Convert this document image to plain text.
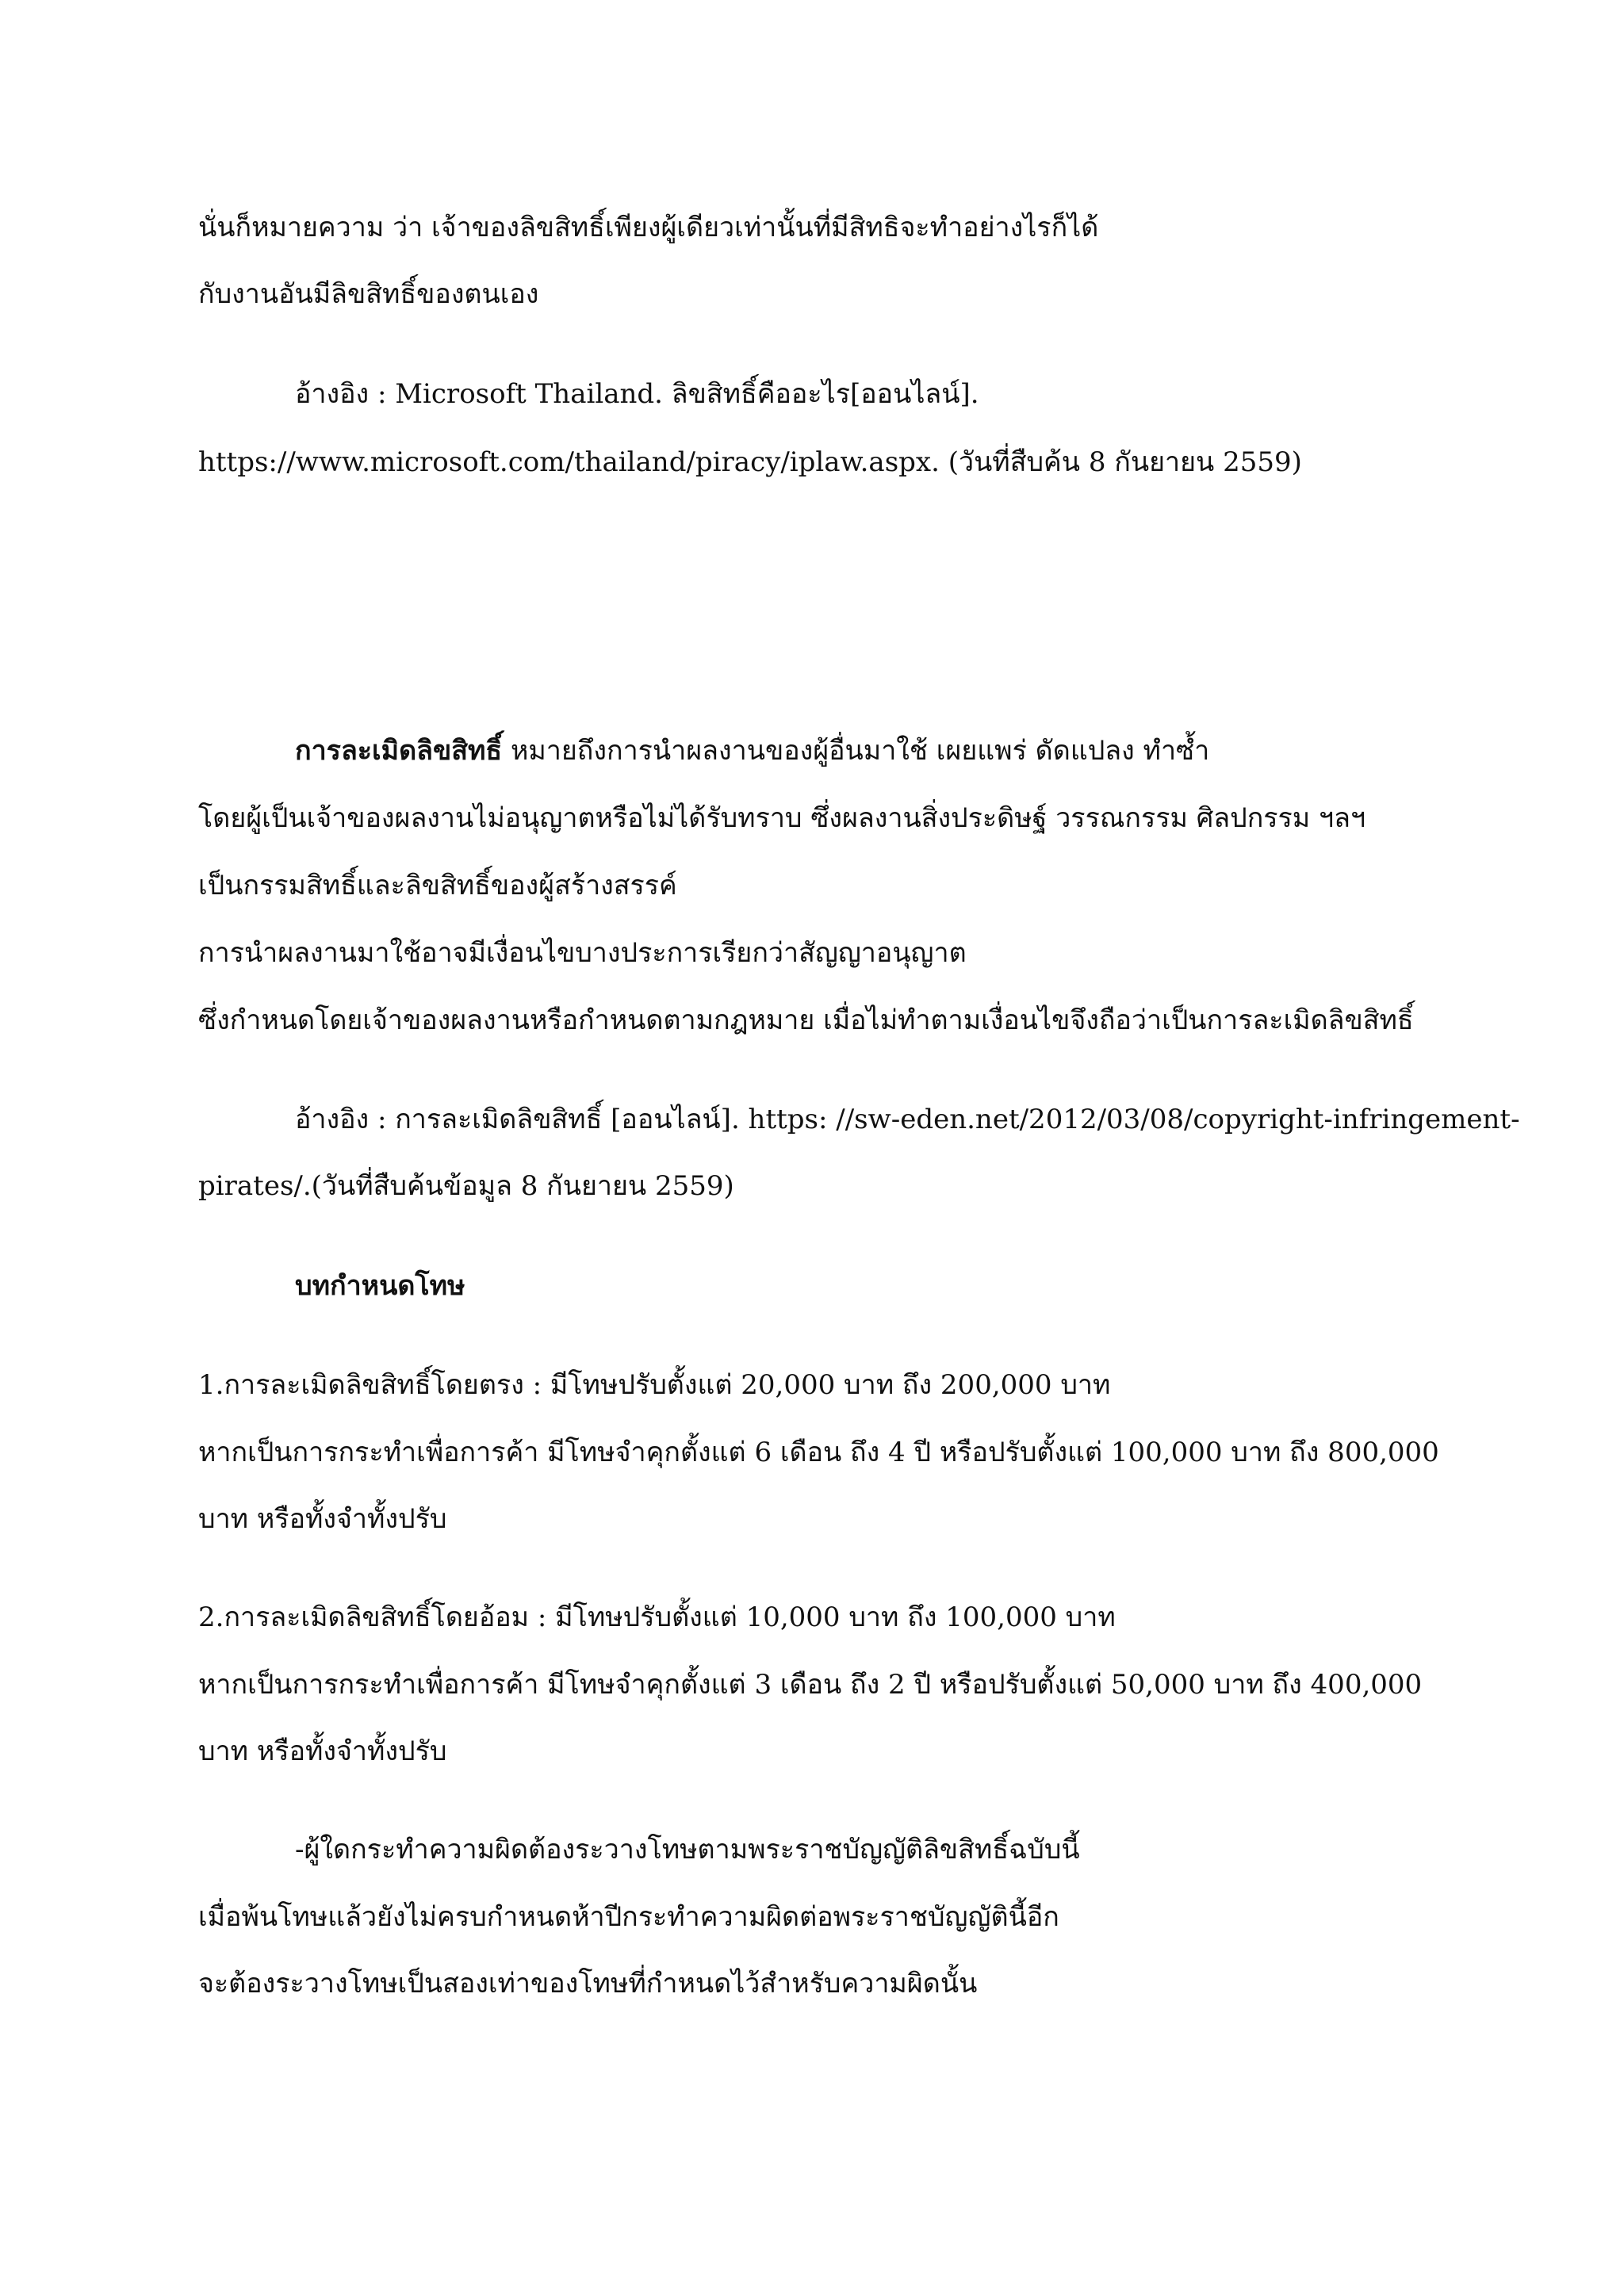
นั่นก็หมายความ ว่า เจ้าของลิขสิทธิ์เพียงผู้เดียวเท่านั้นที่มีสิทธิจะทำอย่างไรก็ได้
กับงานอันมีลิขสิทธิ์ของตนเอง
อ้างอิง : Microsoft Thailand. ลิขสิทธิ์คืออะไร[ออนไลน์].
https://www.microsoft.com/thailand/piracy/iplaw.aspx. (วันที่สืบค้น 8 กันยายน 2559)
การละเมิดลิขสิทธิ์ หมายถึงการนำผลงานของผู้อื่นมาใช้ เผยแพร่ ดัดแปลง ทำซ้ำ
โดยผู้เป็นเจ้าของผลงานไม่อนุญาตหรือไม่ได้รับทราบ ซึ่งผลงานสิ่งประดิษฐ์ วรรณกรรม ศิลปกรรม ฯลฯ
เป็นกรรมสิทธิ์และลิขสิทธิ์ของผู้สร้างสรรค์
การนำผลงานมาใช้อาจมีเงื่อนไขบางประการเรียกว่าสัญญาอนุญาต
ซึ่งกำหนดโดยเจ้าของผลงานหรือกำหนดตามกฎหมาย เมื่อไม่ทำตามเงื่อนไขจึงถือว่าเป็นการละเมิดลิขสิทธิ์
อ้างอิง : การละเมิดลิขสิทธิ์ [ออนไลน์]. https: //sw-eden.net/2012/03/08/copyright-infringement-
pirates/.(วันที่สืบค้นข้อมูล 8 กันยายน 2559)
บทกำหนดโทษ
1.การละเมิดลิขสิทธิ์โดยตรง : มีโทษปรับตั้งแต่ 20,000 บาท ถึง 200,000 บาท
หากเป็นการกระทำเพื่อการค้า มีโทษจำคุกตั้งแต่ 6 เดือน ถึง 4 ปี หรือปรับตั้งแต่ 100,000 บาท ถึง 800,000
บาท หรือทั้งจำทั้งปรับ
2.การละเมิดลิขสิทธิ์โดยอ้อม : มีโทษปรับตั้งแต่ 10,000 บาท ถึง 100,000 บาท
หากเป็นการกระทำเพื่อการค้า มีโทษจำคุกตั้งแต่ 3 เดือน ถึง 2 ปี หรือปรับตั้งแต่ 50,000 บาท ถึง 400,000
บาท หรือทั้งจำทั้งปรับ
-ผู้ใดกระทำความผิดต้องระวางโทษตามพระราชบัญญัติลิขสิทธิ์ฉบับนี้
เมื่อพ้นโทษแล้วยังไม่ครบกำหนดห้าปีกระทำความผิดต่อพระราชบัญญัตินี้อีก
จะต้องระวางโทษเป็นสองเท่าของโทษที่กำหนดไว้สำหรับความผิดนั้น
